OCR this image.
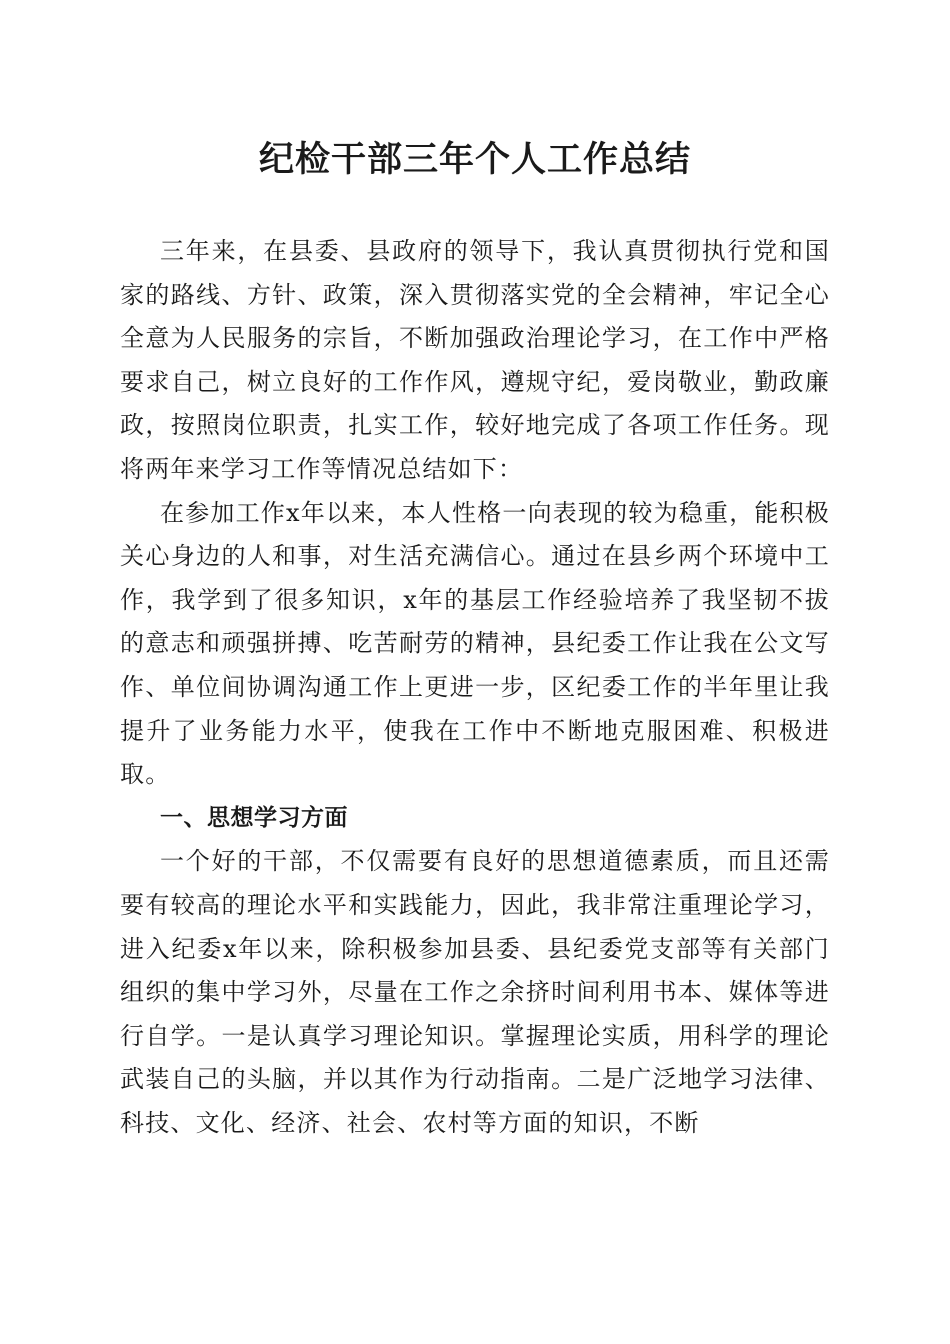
纪检干部三年个人工作总结

三年来，在县委、县政府的领导下，我认真贯彻执行党和国家的路线、方针、政策，深入贯彻落实党的全会精神，牢记全心全意为人民服务的宗旨，不断加强政治理论学习，在工作中严格要求自己，树立良好的工作作风，遵规守纪，爱岗敬业，勤政廉政，按照岗位职责，扎实工作，较好地完成了各项工作任务。现将两年来学习工作等情况总结如下：

在参加工作x年以来，本人性格一向表现的较为稳重，能积极关心身边的人和事，对生活充满信心。通过在县乡两个环境中工作，我学到了很多知识，x年的基层工作经验培养了我坚韧不拔的意志和顽强拼搏、吃苦耐劳的精神，县纪委工作让我在公文写作、单位间协调沟通工作上更进一步，区纪委工作的半年里让我提升了业务能力水平，使我在工作中不断地克服困难、积极进取。

一、思想学习方面

一个好的干部，不仅需要有良好的思想道德素质，而且还需要有较高的理论水平和实践能力，因此，我非常注重理论学习，进入纪委x年以来，除积极参加县委、县纪委党支部等有关部门组织的集中学习外，尽量在工作之余挤时间利用书本、媒体等进行自学。一是认真学习理论知识。掌握理论实质，用科学的理论武装自己的头脑，并以其作为行动指南。二是广泛地学习法律、科技、文化、经济、社会、农村等方面的知识，不断
